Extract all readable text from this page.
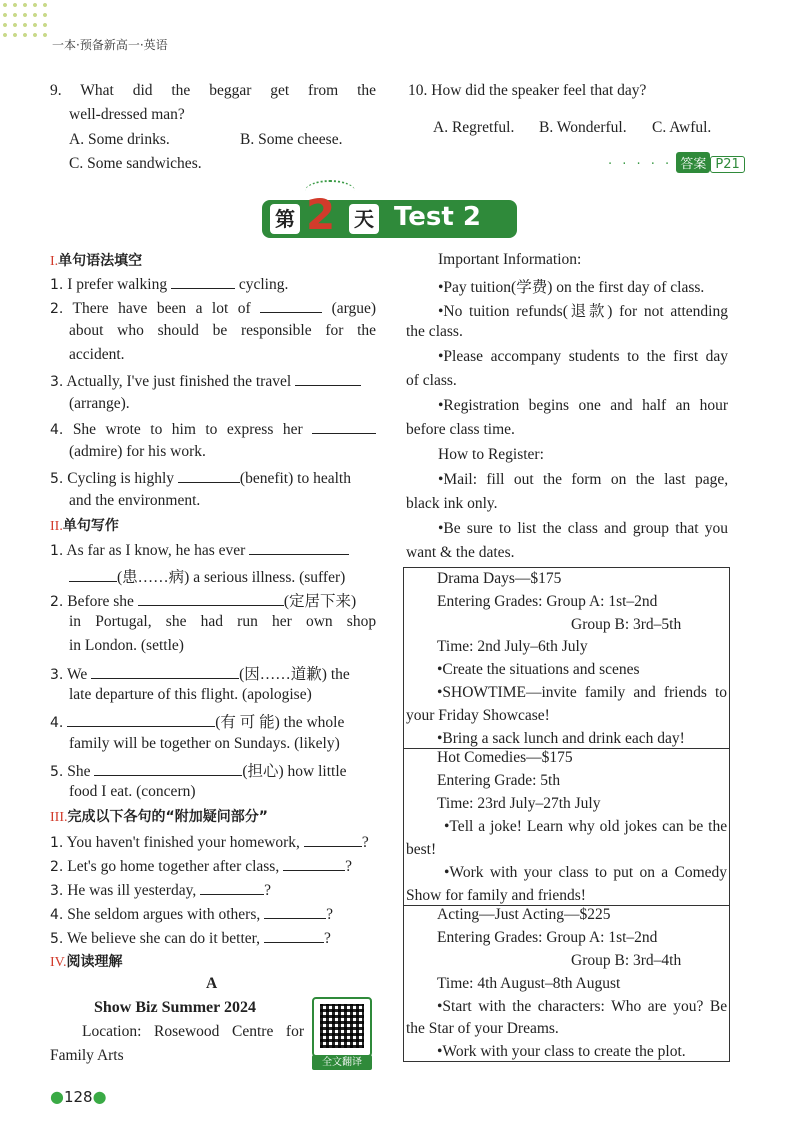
一本·预备新高一·英语
9. What did the beggar get from the
well-dressed man?
A. Some drinks.	B. Some cheese.
C. Some sandwiches.
10. How did the speaker feel that day?
A. Regretful. B. Wonderful. C. Awful.
· · · · · 答案 P21
第 2 天 Test 2
I.单句语法填空
1. I prefer walking	cycling.
2. There have been a lot of	(argue)
about who should be responsible for the
accident.
3. Actually, I've just finished the travel
(arrange).
4. She wrote to him to express her
(admire) for his work.
5. Cycling is highly	(benefit) to health
and the environment.
II.单句写作
1. As far as I know, he has ever
(患……病) a serious illness. (suffer)
2. Before she	(定居下来)
in Portugal, she had run her own shop
in London. (settle)
3. We	(因……道歉) the
late departure of this flight. (apologise)
4.	(有 可 能) the whole
family will be together on Sundays. (likely)
5. She	(担心) how little
food I eat. (concern)
III.完成以下各句的“附加疑问部分”
1. You haven't finished your homework,	?
2. Let's go home together after class,	?
3. He was ill yesterday,	?
4. She seldom argues with others,	?
5. We believe she can do it better,	?
IV.阅读理解
A
Show Biz Summer 2024
Location: Rosewood Centre for
Family Arts	全文翻译
Important Information:
•Pay tuition(学费) on the first day of class.
•No tuition refunds(退款) for not attending
the class.
•Please accompany students to the first day
of class.
•Registration begins one and half an hour
before class time.
How to Register:
•Mail: fill out the form on the last page,
black ink only.
•Be sure to list the class and group that you
want & the dates.
Drama Days—$175
Entering Grades: Group A: 1st–2nd
Group B: 3rd–5th
Time: 2nd July–6th July
•Create the situations and scenes
•SHOWTIME—invite family and friends to
your Friday Showcase!
•Bring a sack lunch and drink each day!
Hot Comedies—$175
Entering Grade: 5th
Time: 23rd July–27th July
•Tell a joke! Learn why old jokes can be the
best!
•Work with your class to put on a Comedy
Show for family and friends!
Acting—Just Acting—$225
Entering Grades: Group A: 1st–2nd
Group B: 3rd–4th
Time: 4th August–8th August
•Start with the characters: Who are you? Be
the Star of your Dreams.
•Work with your class to create the plot.
●128●
